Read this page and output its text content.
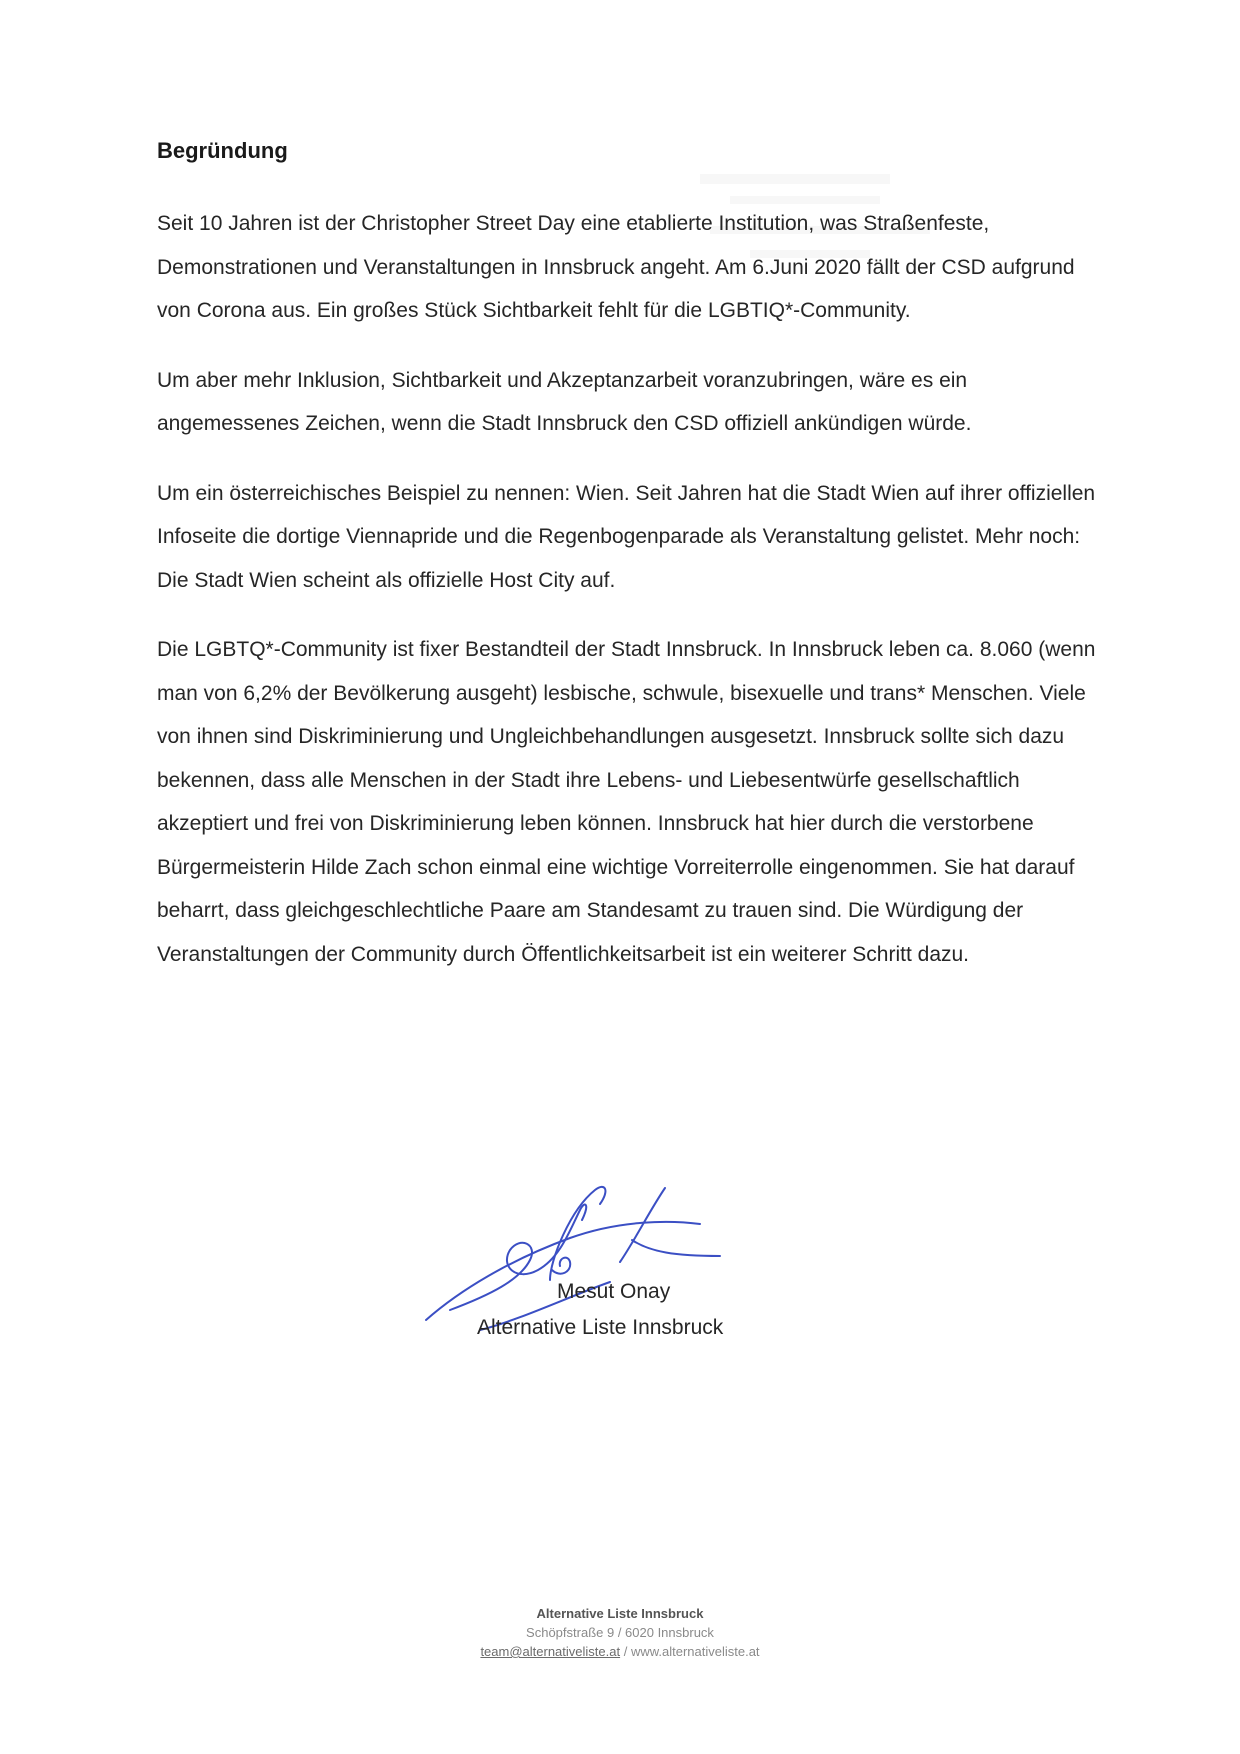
Begründung

Seit 10 Jahren ist der Christopher Street Day eine etablierte Institution, was Straßenfeste, Demonstrationen und Veranstaltungen in Innsbruck angeht. Am 6.Juni 2020 fällt der CSD aufgrund von Corona aus. Ein großes Stück Sichtbarkeit fehlt für die LGBTIQ*-Community.

Um aber mehr Inklusion, Sichtbarkeit und Akzeptanzarbeit voranzubringen, wäre es ein angemessenes Zeichen, wenn die Stadt Innsbruck den CSD offiziell ankündigen würde.

Um ein österreichisches Beispiel zu nennen: Wien. Seit Jahren hat die Stadt Wien auf ihrer offiziellen Infoseite die dortige Viennapride und die Regenbogenparade als Veranstaltung gelistet. Mehr noch: Die Stadt Wien scheint als offizielle Host City auf.

Die LGBTQ*-Community ist fixer Bestandteil der Stadt Innsbruck. In Innsbruck leben ca. 8.060 (wenn man von 6,2% der Bevölkerung ausgeht) lesbische, schwule, bisexuelle und trans* Menschen. Viele von ihnen sind Diskriminierung und Ungleichbehandlungen ausgesetzt. Innsbruck sollte sich dazu bekennen, dass alle Menschen in der Stadt ihre Lebens- und Liebesentwürfe gesellschaftlich akzeptiert und frei von Diskriminierung leben können. Innsbruck hat hier durch die verstorbene Bürgermeisterin Hilde Zach schon einmal eine wichtige Vorreiterrolle eingenommen. Sie hat darauf beharrt, dass gleichgeschlechtliche Paare am Standesamt zu trauen sind. Die Würdigung der Veranstaltungen der Community durch Öffentlichkeitsarbeit ist ein weiterer Schritt dazu.

Mesut Onay
Alternative Liste Innsbruck
Alternative Liste Innsbruck
Schöpfstraße 9 / 6020 Innsbruck
team@alternativeliste.at / www.alternativeliste.at
